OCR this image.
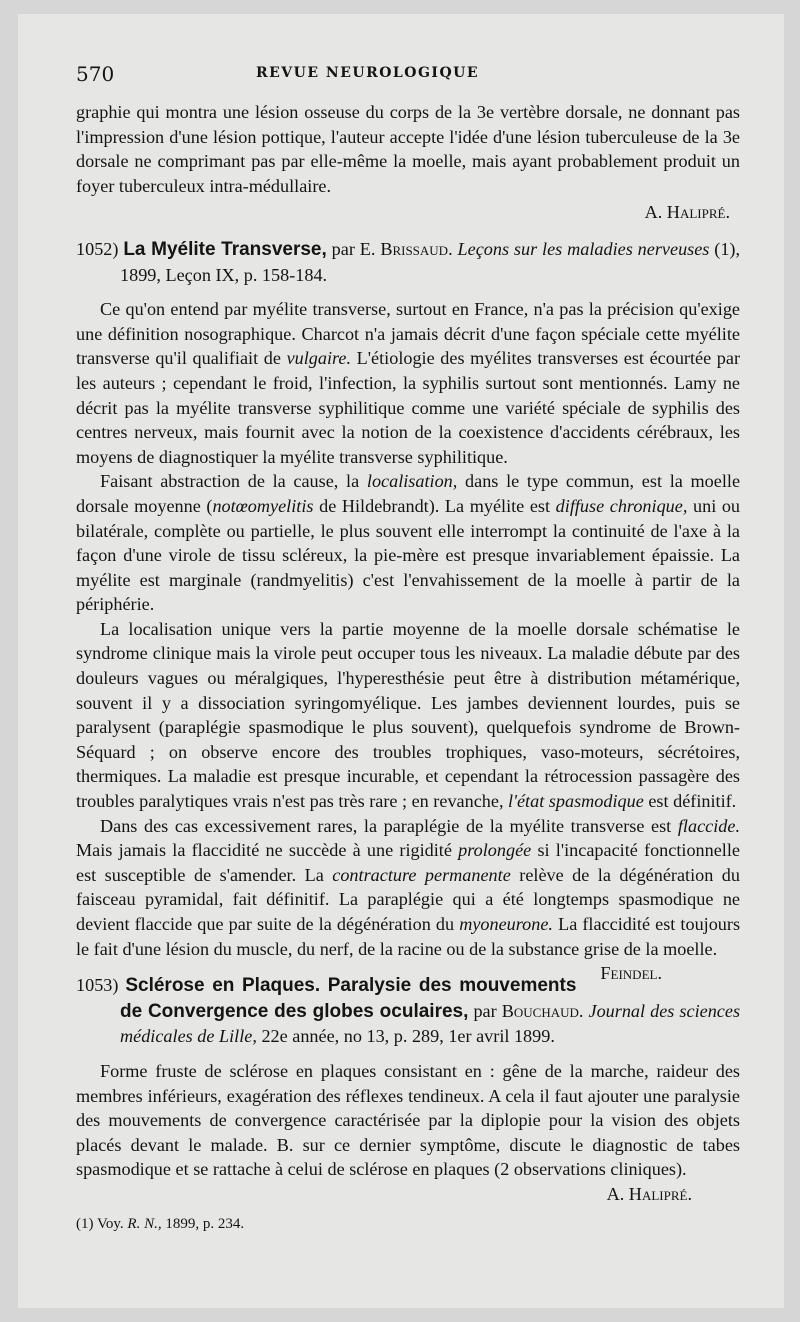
570	REVUE NEUROLOGIQUE

graphie qui montra une lésion osseuse du corps de la 3e vertèbre dorsale, ne donnant pas l'impression d'une lésion pottique, l'auteur accepte l'idée d'une lésion tuberculeuse de la 3e dorsale ne comprimant pas par elle-même la moelle, mais ayant probablement produit un foyer tuberculeux intra-médullaire.

A. Halipré.

1052) La Myélite Transverse, par E. Brissaud. Leçons sur les maladies nerveuses (1), 1899, Leçon IX, p. 158-184.

Ce qu'on entend par myélite transverse, surtout en France, n'a pas la précision qu'exige une définition nosographique. Charcot n'a jamais décrit d'une façon spéciale cette myélite transverse qu'il qualifiait de vulgaire. L'étiologie des myélites transverses est écourtée par les auteurs ; cependant le froid, l'infection, la syphilis surtout sont mentionnés. Lamy ne décrit pas la myélite transverse syphilitique comme une variété spéciale de syphilis des centres nerveux, mais fournit avec la notion de la coexistence d'accidents cérébraux, les moyens de diagnostiquer la myélite transverse syphilitique.

Faisant abstraction de la cause, la localisation, dans le type commun, est la moelle dorsale moyenne (notœomyelitis de Hildebrandt). La myélite est diffuse chronique, uni ou bilatérale, complète ou partielle, le plus souvent elle interrompt la continuité de l'axe à la façon d'une virole de tissu scléreux, la pie-mère est presque invariablement épaissie. La myélite est marginale (randmyelitis) c'est l'envahissement de la moelle à partir de la périphérie.

La localisation unique vers la partie moyenne de la moelle dorsale schématise le syndrome clinique mais la virole peut occuper tous les niveaux. La maladie débute par des douleurs vagues ou méralgiques, l'hyperesthésie peut être à distribution métamérique, souvent il y a dissociation syringomyélique. Les jambes deviennent lourdes, puis se paralysent (paraplégie spasmodique le plus souvent), quelquefois syndrome de Brown-Séquard ; on observe encore des troubles trophiques, vaso-moteurs, sécrétoires, thermiques. La maladie est presque incurable, et cependant la rétrocession passagère des troubles paralytiques vrais n'est pas très rare ; en revanche, l'état spasmodique est définitif.

Dans des cas excessivement rares, la paraplégie de la myélite transverse est flaccide. Mais jamais la flaccidité ne succède à une rigidité prolongée si l'incapacité fonctionnelle est susceptible de s'amender. La contracture permanente relève de la dégénération du faisceau pyramidal, fait définitif. La paraplégie qui a été longtemps spasmodique ne devient flaccide que par suite de la dégénération du myoneurone. La flaccidité est toujours le fait d'une lésion du muscle, du nerf, de la racine ou de la substance grise de la moelle.
Feindel.

1053) Sclérose en Plaques. Paralysie des mouvements de Convergence des globes oculaires, par Bouchaud. Journal des sciences médicales de Lille, 22e année, no 13, p. 289, 1er avril 1899.

Forme fruste de sclérose en plaques consistant en : gêne de la marche, raideur des membres inférieurs, exagération des réflexes tendineux. A cela il faut ajouter une paralysie des mouvements de convergence caractérisée par la diplopie pour la vision des objets placés devant le malade. B. sur ce dernier symptôme, discute le diagnostic de tabes spasmodique et se rattache à celui de sclérose en plaques (2 observations cliniques).
A. Halipré.

(1) Voy. R. N., 1899, p. 234.
